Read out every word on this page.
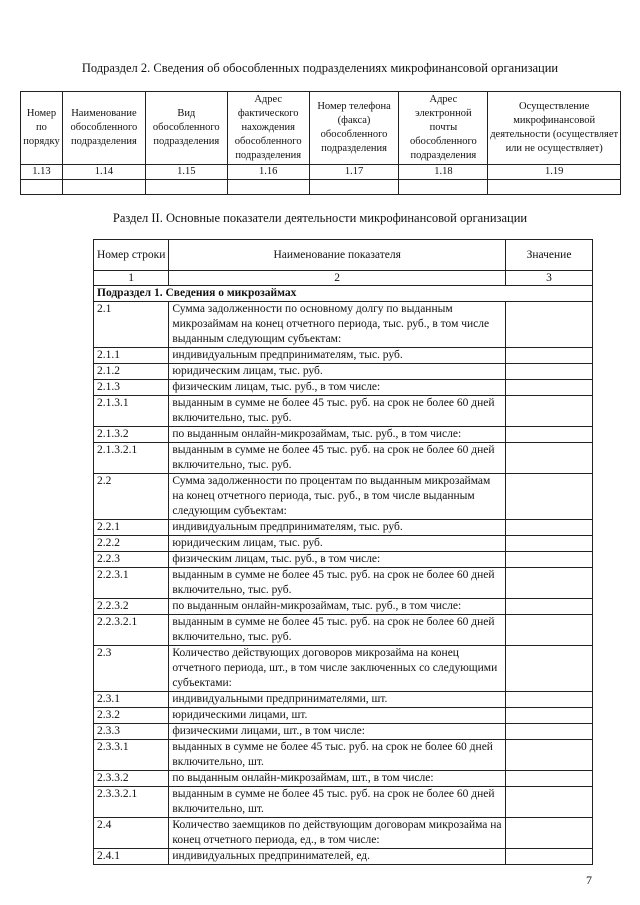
Подраздел 2. Сведения об обособленных подразделениях микрофинансовой организации
Номер по порядку	Наименование обособленного подразделения	Вид обособленного подразделения	Адрес фактического нахождения обособленного подразделения	Номер телефона (факса) обособленного подразделения	Адрес электронной почты обособленного подразделения	Осуществление микрофинансовой деятельности (осуществляет или не осуществляет)
1.13	1.14	1.15	1.16	1.17	1.18	1.19

Раздел II. Основные показатели деятельности микрофинансовой организации
Номер строки	Наименование показателя	Значение
1	2	3
Подраздел 1. Сведения о микрозаймах		
2.1	Сумма задолженности по основному долгу по выданным микрозаймам на конец отчетного периода, тыс. руб., в том числе выданным следующим субъектам:	
2.1.1	индивидуальным предпринимателям, тыс. руб.	
2.1.2	юридическим лицам, тыс. руб.	
2.1.3	физическим лицам, тыс. руб., в том числе:	
2.1.3.1	выданным в сумме не более 45 тыс. руб. на срок не более 60 дней включительно, тыс. руб.	
2.1.3.2	по выданным онлайн-микрозаймам, тыс. руб., в том числе:	
2.1.3.2.1	выданным в сумме не более 45 тыс. руб. на срок не более 60 дней включительно, тыс. руб.	
2.2	Сумма задолженности по процентам по выданным микрозаймам на конец отчетного периода, тыс. руб., в том числе выданным следующим субъектам:	
2.2.1	индивидуальным предпринимателям, тыс. руб.	
2.2.2	юридическим лицам, тыс. руб.	
2.2.3	физическим лицам, тыс. руб., в том числе:	
2.2.3.1	выданным в сумме не более 45 тыс. руб. на срок не более 60 дней включительно, тыс. руб.	
2.2.3.2	по выданным онлайн-микрозаймам, тыс. руб., в том числе:	
2.2.3.2.1	выданным в сумме не более 45 тыс. руб. на срок не более 60 дней включительно, тыс. руб.	
2.3	Количество действующих договоров микрозайма на конец отчетного периода, шт., в том числе заключенных со следующими субъектами:	
2.3.1	индивидуальными предпринимателями, шт.	
2.3.2	юридическими лицами, шт.	
2.3.3	физическими лицами, шт., в том числе:	
2.3.3.1	выданных в сумме не более 45 тыс. руб. на срок не более 60 дней включительно, шт.	
2.3.3.2	по выданным онлайн-микрозаймам, шт., в том числе:	
2.3.3.2.1	выданным в сумме не более 45 тыс. руб. на срок не более 60 дней включительно, шт.	
2.4	Количество заемщиков по действующим договорам микрозайма на конец отчетного периода, ед., в том числе:	
2.4.1	индивидуальных предпринимателей, ед.	
7
